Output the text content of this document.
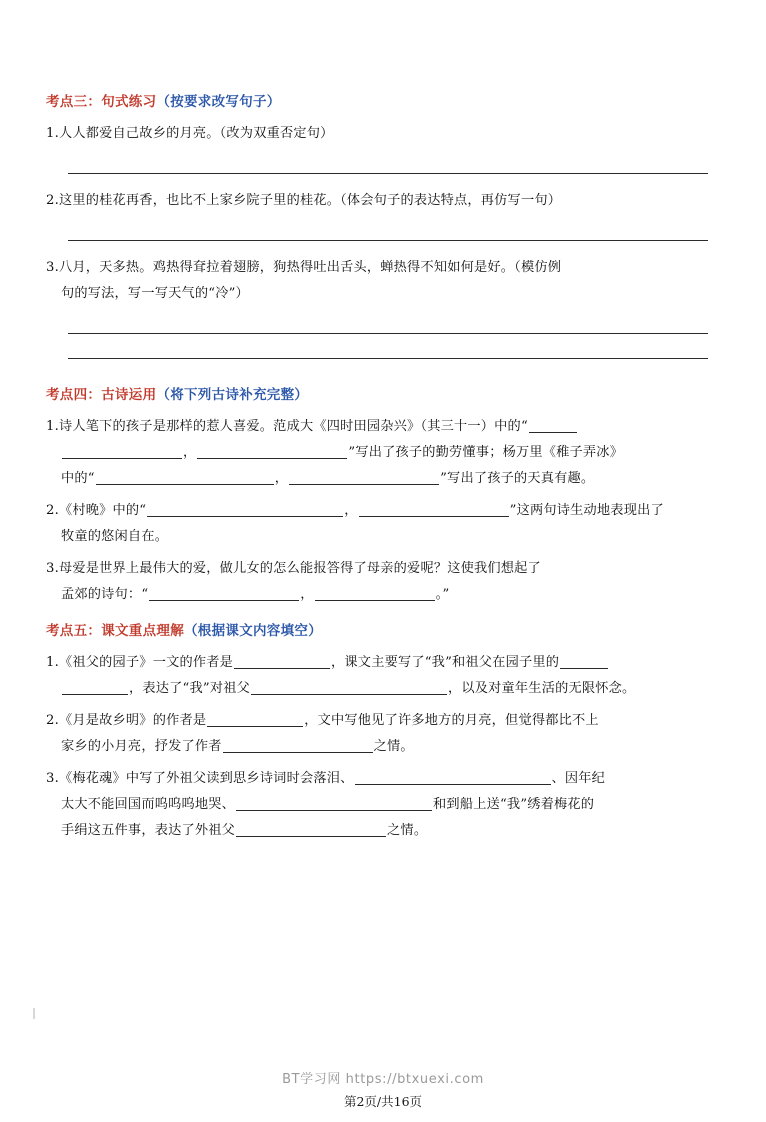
考点三：句式练习（按要求改写句子）
1.人人都爱自己故乡的月亮。（改为双重否定句）
2.这里的桂花再香，也比不上家乡院子里的桂花。（体会句子的表达特点，再仿写一句）
3.八月，天多热。鸡热得耷拉着翅膀，狗热得吐出舌头，蝉热得不知如何是好。（模仿例
句的写法，写一写天气的“冷”）
考点四：古诗运用（将下列古诗补充完整）
1.诗人笔下的孩子是那样的惹人喜爱。范成大《四时田园杂兴》（其三十一）中的“
，	”写出了孩子的勤劳懂事；杨万里《稚子弄冰》
中的“	，	”写出了孩子的天真有趣。
2.《村晚》中的“	，	”这两句诗生动地表现出了
牧童的悠闲自在。
3.母爱是世界上最伟大的爱，做儿女的怎么能报答得了母亲的爱呢？这使我们想起了
孟郊的诗句：“	，	。”
考点五：课文重点理解（根据课文内容填空）
1.《祖父的园子》一文的作者是	，课文主要写了“我”和祖父在园子里的
，表达了“我”对祖父	，以及对童年生活的无限怀念。
2.《月是故乡明》的作者是	，文中写他见了许多地方的月亮，但觉得都比不上
家乡的小月亮，抒发了作者	之情。
3.《梅花魂》中写了外祖父读到思乡诗词时会落泪、	、因年纪
太大不能回国而呜呜呜地哭、	和到船上送“我”绣着梅花的
手绢这五件事，表达了外祖父	之情。
BT学习网 https://btxuexi.com
第2页/共16页
